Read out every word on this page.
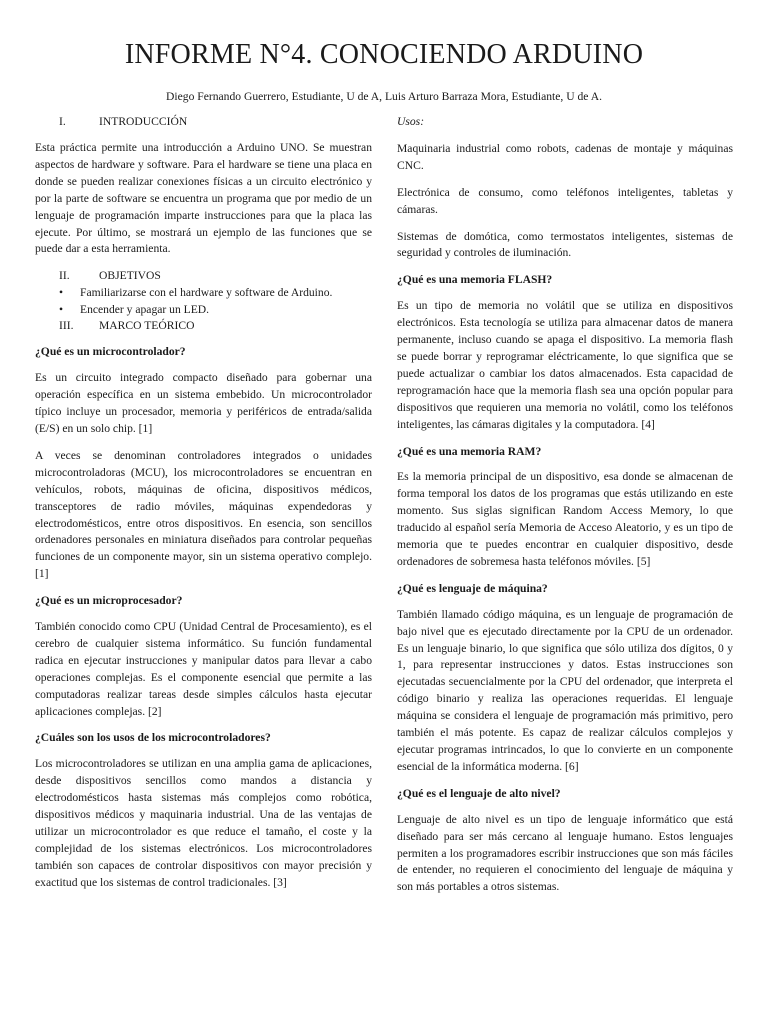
INFORME N°4. CONOCIENDO ARDUINO
Diego Fernando Guerrero, Estudiante, U de A, Luis Arturo Barraza Mora, Estudiante, U de A.
I.	INTRODUCCIÓN

Esta práctica permite una introducción a Arduino UNO. Se muestran aspectos de hardware y software. Para el hardware se tiene una placa en donde se pueden realizar conexiones físicas a un circuito electrónico y por la parte de software se encuentra un programa que por medio de un lenguaje de programación imparte instrucciones para que la placa las ejecute. Por último, se mostrará un ejemplo de las funciones que se puede dar a esta herramienta.

II.	OBJETIVOS
•	Familiarizarse con el hardware y software de Arduino.
•	Encender y apagar un LED.
III.	MARCO TEÓRICO
¿Qué es un microcontrolador?

Es un circuito integrado compacto diseñado para gobernar una operación específica en un sistema embebido. Un microcontrolador típico incluye un procesador, memoria y periféricos de entrada/salida (E/S) en un solo chip. [1]

A veces se denominan controladores integrados o unidades microcontroladoras (MCU), los microcontroladores se encuentran en vehículos, robots, máquinas de oficina, dispositivos médicos, transceptores de radio móviles, máquinas expendedoras y electrodomésticos, entre otros dispositivos. En esencia, son sencillos ordenadores personales en miniatura diseñados para controlar pequeñas funciones de un componente mayor, sin un sistema operativo complejo. [1]

¿Qué es un microprocesador?

También conocido como CPU (Unidad Central de Procesamiento), es el cerebro de cualquier sistema informático. Su función fundamental radica en ejecutar instrucciones y manipular datos para llevar a cabo operaciones complejas. Es el componente esencial que permite a las computadoras realizar tareas desde simples cálculos hasta ejecutar aplicaciones complejas. [2]

¿Cuáles son los usos de los microcontroladores?

Los microcontroladores se utilizan en una amplia gama de aplicaciones, desde dispositivos sencillos como mandos a distancia y electrodomésticos hasta sistemas más complejos como robótica, dispositivos médicos y maquinaria industrial. Una de las ventajas de utilizar un microcontrolador es que reduce el tamaño, el coste y la complejidad de los sistemas electrónicos. Los microcontroladores también son capaces de controlar dispositivos con mayor precisión y exactitud que los sistemas de control tradicionales. [3]

Usos:

Maquinaria industrial como robots, cadenas de montaje y máquinas CNC.

Electrónica de consumo, como teléfonos inteligentes, tabletas y cámaras.

Sistemas de domótica, como termostatos inteligentes, sistemas de seguridad y controles de iluminación.

¿Qué es una memoria FLASH?

Es un tipo de memoria no volátil que se utiliza en dispositivos electrónicos. Esta tecnología se utiliza para almacenar datos de manera permanente, incluso cuando se apaga el dispositivo. La memoria flash se puede borrar y reprogramar eléctricamente, lo que significa que se puede actualizar o cambiar los datos almacenados. Esta capacidad de reprogramación hace que la memoria flash sea una opción popular para dispositivos que requieren una memoria no volátil, como los teléfonos inteligentes, las cámaras digitales y la computadora. [4]

¿Qué es una memoria RAM?

Es la memoria principal de un dispositivo, esa donde se almacenan de forma temporal los datos de los programas que estás utilizando en este momento. Sus siglas significan Random Access Memory, lo que traducido al español sería Memoria de Acceso Aleatorio, y es un tipo de memoria que te puedes encontrar en cualquier dispositivo, desde ordenadores de sobremesa hasta teléfonos móviles. [5]

¿Qué es lenguaje de máquina?

También llamado código máquina, es un lenguaje de programación de bajo nivel que es ejecutado directamente por la CPU de un ordenador. Es un lenguaje binario, lo que significa que sólo utiliza dos dígitos, 0 y 1, para representar instrucciones y datos. Estas instrucciones son ejecutadas secuencialmente por la CPU del ordenador, que interpreta el código binario y realiza las operaciones requeridas. El lenguaje máquina se considera el lenguaje de programación más primitivo, pero también el más potente. Es capaz de realizar cálculos complejos y ejecutar programas intrincados, lo que lo convierte en un componente esencial de la informática moderna. [6]

¿Qué es el lenguaje de alto nivel?

Lenguaje de alto nivel es un tipo de lenguaje informático que está diseñado para ser más cercano al lenguaje humano. Estos lenguajes permiten a los programadores escribir instrucciones que son más fáciles de entender, no requieren el conocimiento del lenguaje de máquina y son más portables a otros sistemas.
